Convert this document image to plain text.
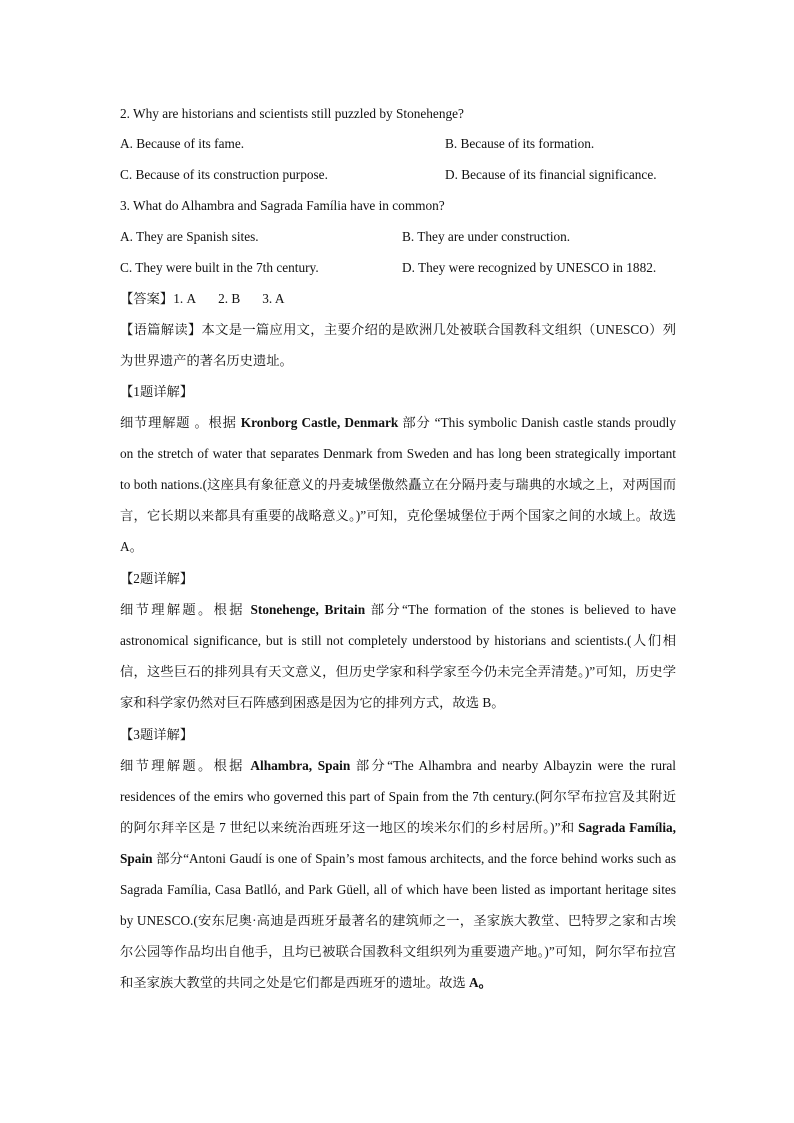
2. Why are historians and scientists still puzzled by Stonehenge?
A. Because of its fame.	B. Because of its formation.
C. Because of its construction purpose.	D. Because of its financial significance.
3. What do Alhambra and Sagrada Família have in common?
A. They are Spanish sites.	B. They are under construction.
C. They were built in the 7th century.	D. They were recognized by UNESCO in 1882.
【答案】1. A 2. B 3. A

【语篇解读】本文是一篇应用文，主要介绍的是欧洲几处被联合国教科文组织（UNESCO）列为世界遗产的著名历史遗址。

【1题详解】

细节理解题 。根据 Kronborg Castle, Denmark 部分 “This symbolic Danish castle stands proudly on the stretch of water that separates Denmark from Sweden and has long been strategically important to both nations.(这座具有象征意义的丹麦城堡傲然矗立在分隔丹麦与瑞典的水域之上，对两国而言，它长期以来都具有重要的战略意义。)”可知，克伦堡城堡位于两个国家之间的水域上。故选 A。

【2题详解】

细节理解题。根据 Stonehenge, Britain 部分“The formation of the stones is believed to have astronomical significance, but is still not completely understood by historians and scientists.(人们相信，这些巨石的排列具有天文意义，但历史学家和科学家至今仍未完全弄清楚。)”可知，历史学家和科学家仍然对巨石阵感到困惑是因为它的排列方式，故选 B。

【3题详解】

细节理解题。根据 Alhambra, Spain 部分“The Alhambra and nearby Albayzin were the rural residences of the emirs who governed this part of Spain from the 7th century.(阿尔罕布拉宫及其附近的阿尔拜辛区是 7 世纪以来统治西班牙这一地区的埃米尔们的乡村居所。)”和 Sagrada Família, Spain 部分“Antoni Gaudí is one of Spain’s most famous architects, and the force behind works such as Sagrada Família, Casa Batlló, and Park Güell, all of which have been listed as important heritage sites by UNESCO.(安东尼奥·高迪是西班牙最著名的建筑师之一，圣家族大教堂、巴特罗之家和古埃尔公园等作品均出自他手，且均已被联合国教科文组织列为重要遗产地。)”可知，阿尔罕布拉宫和圣家族大教堂的共同之处是它们都是西班牙的遗址。故选 A。
